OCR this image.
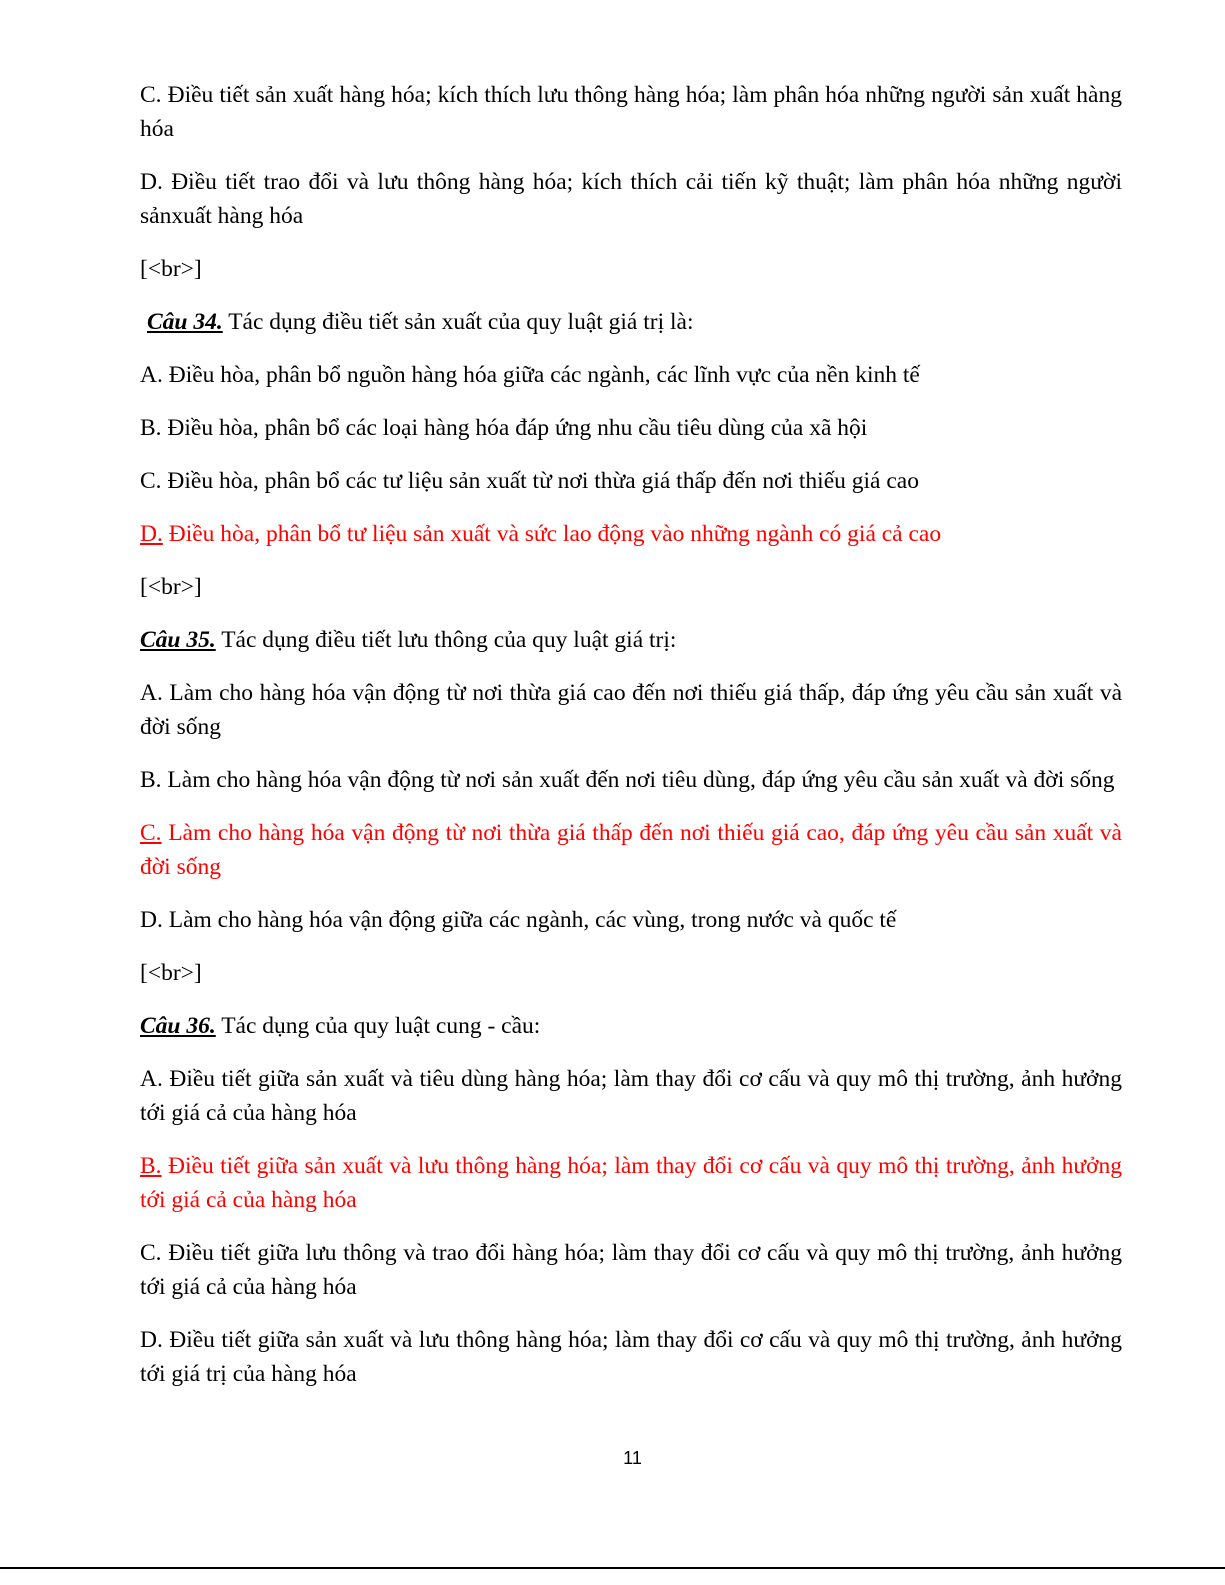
C. Điều tiết sản xuất hàng hóa; kích thích lưu thông hàng hóa; làm phân hóa những người sản xuất hàng hóa

D. Điều tiết trao đổi và lưu thông hàng hóa; kích thích cải tiến kỹ thuật; làm phân hóa những người sảnxuất hàng hóa

[<br>]

Câu 34. Tác dụng điều tiết sản xuất của quy luật giá trị là:

A. Điều hòa, phân bổ nguồn hàng hóa giữa các ngành, các lĩnh vực của nền kinh tế

B. Điều hòa, phân bổ các loại hàng hóa đáp ứng nhu cầu tiêu dùng của xã hội

C. Điều hòa, phân bổ các tư liệu sản xuất từ nơi thừa giá thấp đến nơi thiếu giá cao

D. Điều hòa, phân bổ tư liệu sản xuất và sức lao động vào những ngành có giá cả cao

[<br>]

Câu 35. Tác dụng điều tiết lưu thông của quy luật giá trị:

A. Làm cho hàng hóa vận động từ nơi thừa giá cao đến nơi thiếu giá thấp, đáp ứng yêu cầu sản xuất và đời sống

B. Làm cho hàng hóa vận động từ nơi sản xuất đến nơi tiêu dùng, đáp ứng yêu cầu sản xuất và đời sống

C. Làm cho hàng hóa vận động từ nơi thừa giá thấp đến nơi thiếu giá cao, đáp ứng yêu cầu sản xuất và đời sống

D. Làm cho hàng hóa vận động giữa các ngành, các vùng, trong nước và quốc tế

[<br>]

Câu 36. Tác dụng của quy luật cung - cầu:

A. Điều tiết giữa sản xuất và tiêu dùng hàng hóa; làm thay đổi cơ cấu và quy mô thị trường, ảnh hưởng tới giá cả của hàng hóa

B. Điều tiết giữa sản xuất và lưu thông hàng hóa; làm thay đổi cơ cấu và quy mô thị trường, ảnh hưởng tới giá cả của hàng hóa

C. Điều tiết giữa lưu thông và trao đổi hàng hóa; làm thay đổi cơ cấu và quy mô thị trường, ảnh hưởng tới giá cả của hàng hóa

D. Điều tiết giữa sản xuất và lưu thông hàng hóa; làm thay đổi cơ cấu và quy mô thị trường, ảnh hưởng tới giá trị của hàng hóa

11
